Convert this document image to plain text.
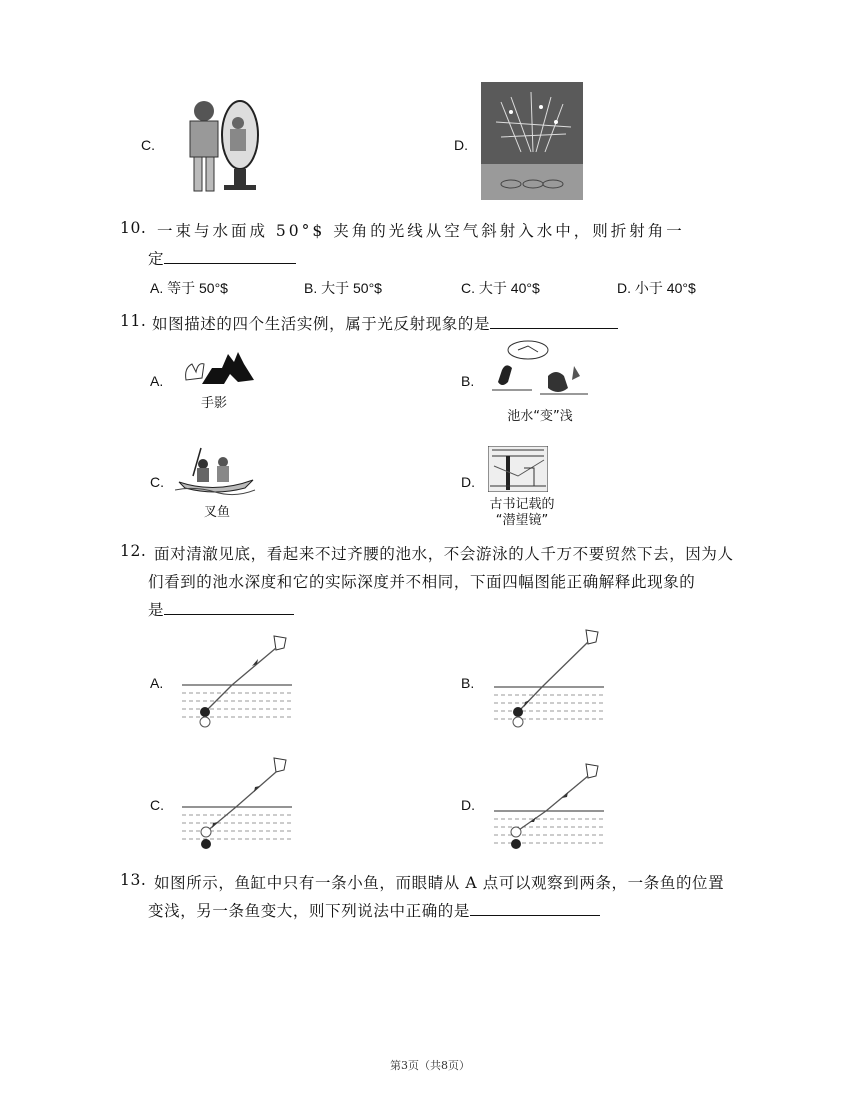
C.	D.
10. 一束与水面成 50°$ 夹角的光线从空气斜射入水中，则折射角一
定
A. 等于 50°$	B. 大于 50°$	C. 大于 40°$	D. 小于 40°$
11. 如图描述的四个生活实例，属于光反射现象的是
A.
手影
B.
池水“变”浅
C.
叉鱼
D.
古书记载的
“潜望镜”
12. 面对清澈见底，看起来不过齐腰的池水，不会游泳的人千万不要贸然下去，因为人
们看到的池水深度和它的实际深度并不相同，下面四幅图能正确解释此现象的
是
A.	B.
C.	D.
13. 如图所示，鱼缸中只有一条小鱼，而眼睛从 A 点可以观察到两条，一条鱼的位置
变浅，另一条鱼变大，则下列说法中正确的是
第3页（共8页）
